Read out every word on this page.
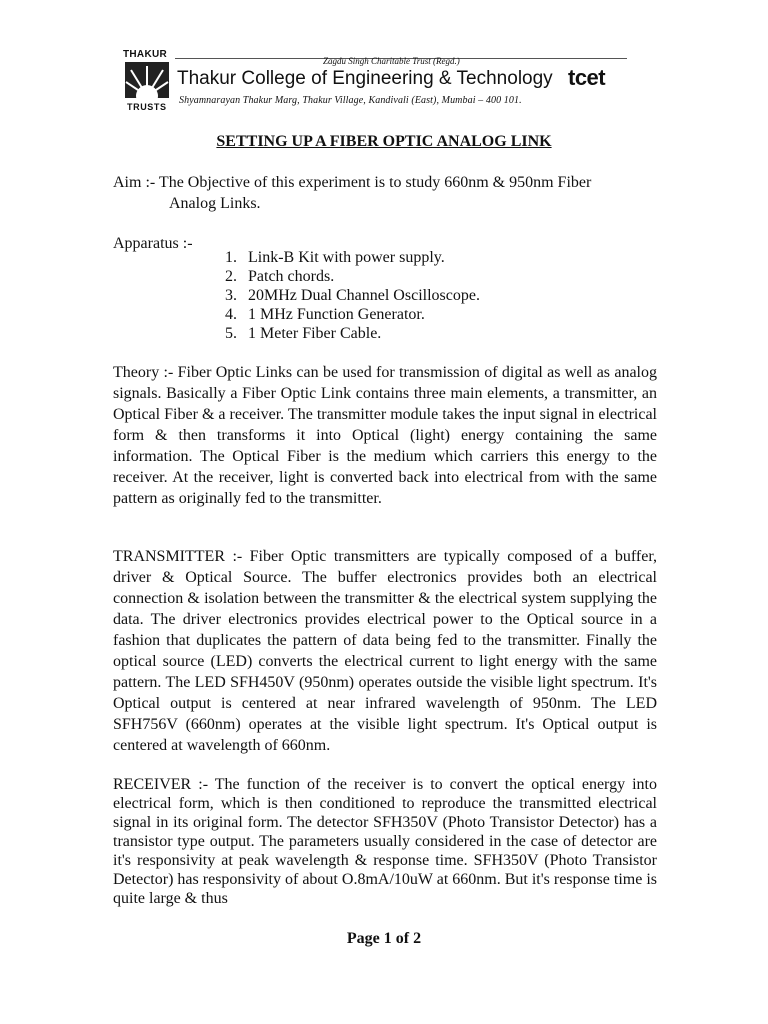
THAKUR
TRUSTS
Zagdu Singh Charitable Trust (Regd.)
Thakur College of Engineering & Technology tcet
Shyamnarayan Thakur Marg, Thakur Village, Kandivali (East), Mumbai – 400 101.
SETTING UP A FIBER OPTIC ANALOG LINK
Aim :- The Objective of this experiment is to study 660nm & 950nm Fiber
Analog Links.
Apparatus :-
1. Link-B Kit with power supply.
2. Patch chords.
3. 20MHz Dual Channel Oscilloscope.
4. 1 MHz Function Generator.
5. 1 Meter Fiber Cable.
Theory :- Fiber Optic Links can be used for transmission of digital as well as analog signals. Basically a Fiber Optic Link contains three main elements, a transmitter, an Optical Fiber & a receiver. The transmitter module takes the input signal in electrical form & then transforms it into Optical (light) energy containing the same information. The Optical Fiber is the medium which carriers this energy to the receiver. At the receiver, light is converted back into electrical from with the same pattern as originally fed to the transmitter.
TRANSMITTER :- Fiber Optic transmitters are typically composed of a buffer, driver & Optical Source. The buffer electronics provides both an electrical connection & isolation between the transmitter & the electrical system supplying the data. The driver electronics provides electrical power to the Optical source in a fashion that duplicates the pattern of data being fed to the transmitter. Finally the optical source (LED) converts the electrical current to light energy with the same pattern. The LED SFH450V (950nm) operates outside the visible light spectrum. It's Optical output is centered at near infrared wavelength of 950nm. The LED SFH756V (660nm) operates at the visible light spectrum. It's Optical output is centered at wavelength of 660nm.
RECEIVER :- The function of the receiver is to convert the optical energy into electrical form, which is then conditioned to reproduce the transmitted electrical signal in its original form. The detector SFH350V (Photo Transistor Detector) has a transistor type output. The parameters usually considered in the case of detector are it's responsivity at peak wavelength & response time. SFH350V (Photo Transistor Detector) has responsivity of about O.8mA/10uW at 660nm. But it's response time is quite large & thus
Page 1 of 2
